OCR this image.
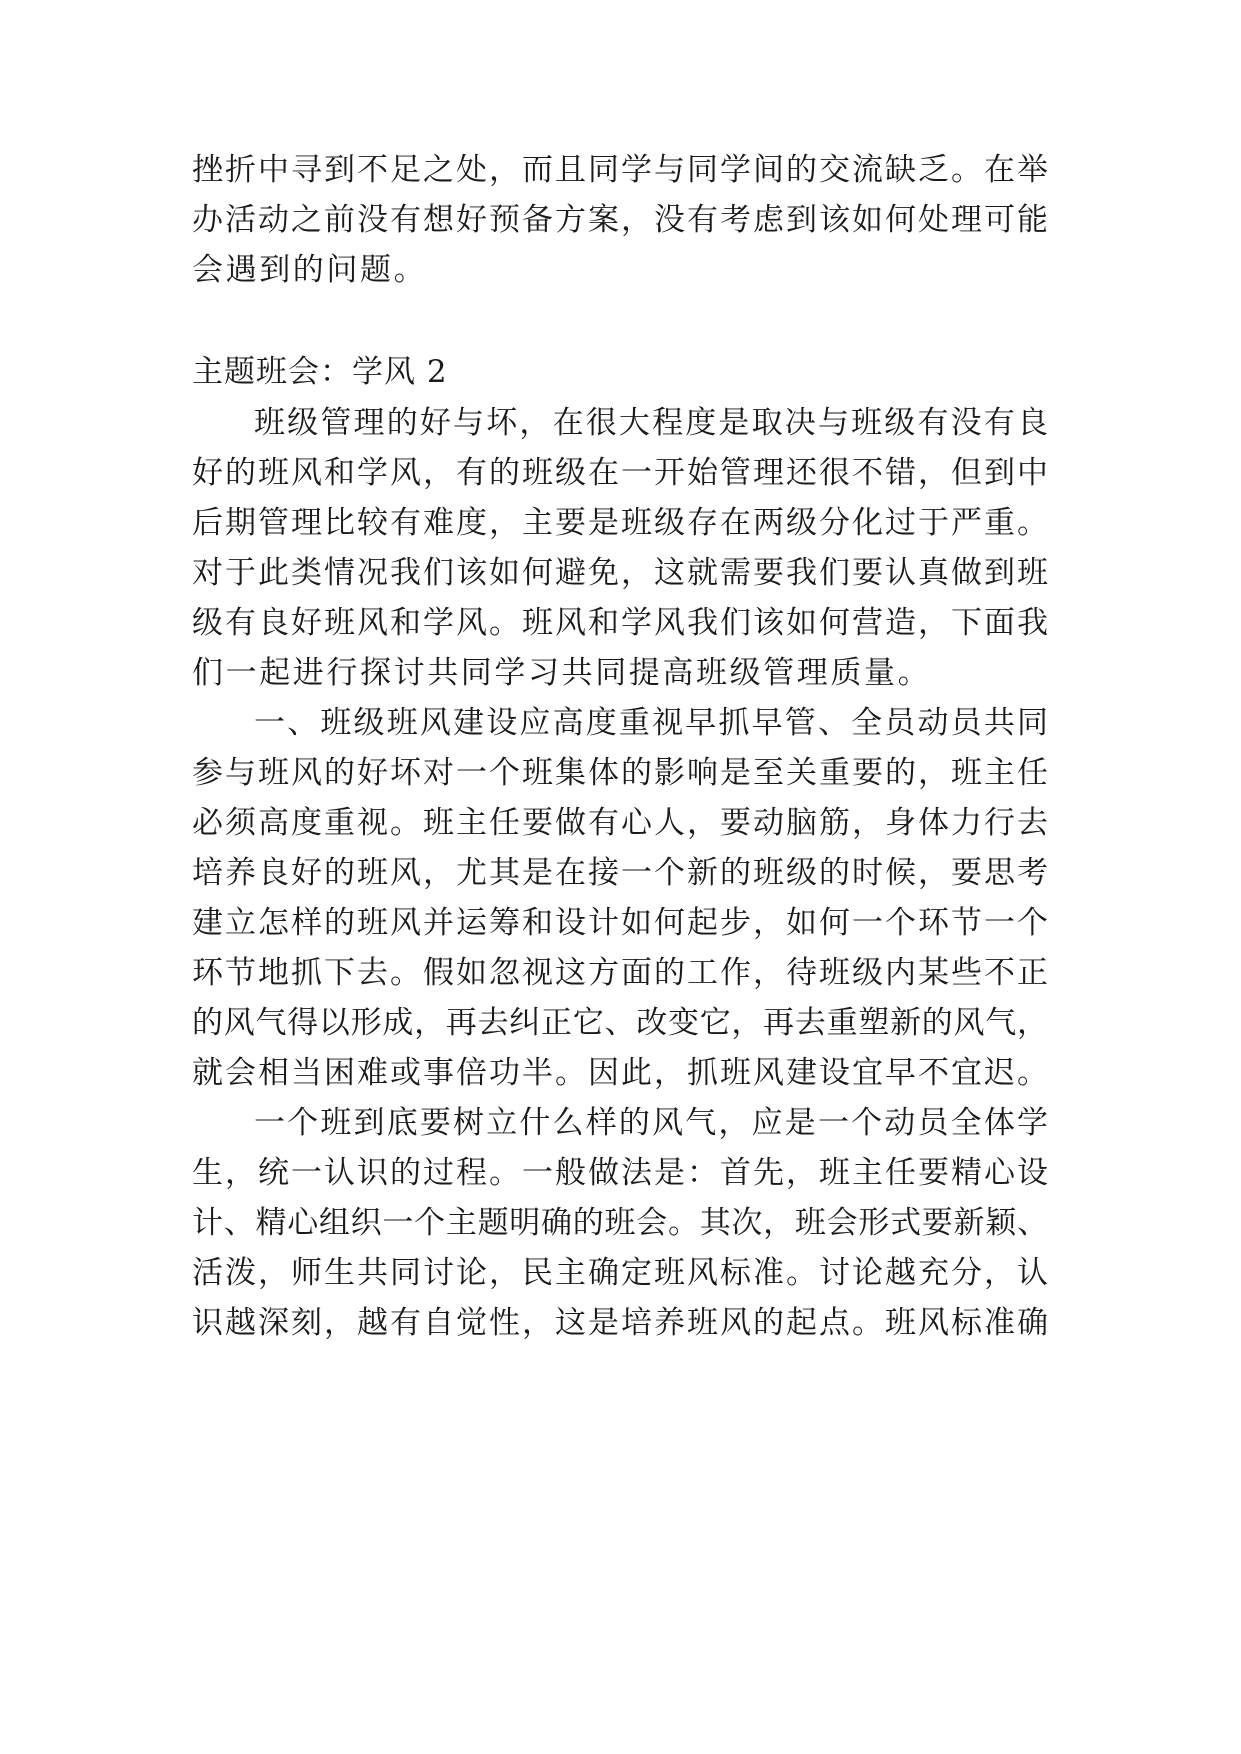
挫折中寻到不足之处，而且同学与同学间的交流缺乏。在举
办活动之前没有想好预备方案，没有考虑到该如何处理可能
会遇到的问题。
主题班会：学风 2
班级管理的好与坏，在很大程度是取决与班级有没有良
好的班风和学风，有的班级在一开始管理还很不错，但到中
后期管理比较有难度，主要是班级存在两级分化过于严重。
对于此类情况我们该如何避免，这就需要我们要认真做到班
级有良好班风和学风。班风和学风我们该如何营造，下面我
们一起进行探讨共同学习共同提高班级管理质量。
一、班级班风建设应高度重视早抓早管、全员动员共同
参与班风的好坏对一个班集体的影响是至关重要的，班主任
必须高度重视。班主任要做有心人，要动脑筋，身体力行去
培养良好的班风，尤其是在接一个新的班级的时候，要思考
建立怎样的班风并运筹和设计如何起步，如何一个环节一个
环节地抓下去。假如忽视这方面的工作，待班级内某些不正
的风气得以形成，再去纠正它、改变它，再去重塑新的风气，
就会相当困难或事倍功半。因此，抓班风建设宜早不宜迟。
一个班到底要树立什么样的风气，应是一个动员全体学
生，统一认识的过程。一般做法是：首先，班主任要精心设
计、精心组织一个主题明确的班会。其次，班会形式要新颖、
活泼，师生共同讨论，民主确定班风标准。讨论越充分，认
识越深刻，越有自觉性，这是培养班风的起点。班风标准确
